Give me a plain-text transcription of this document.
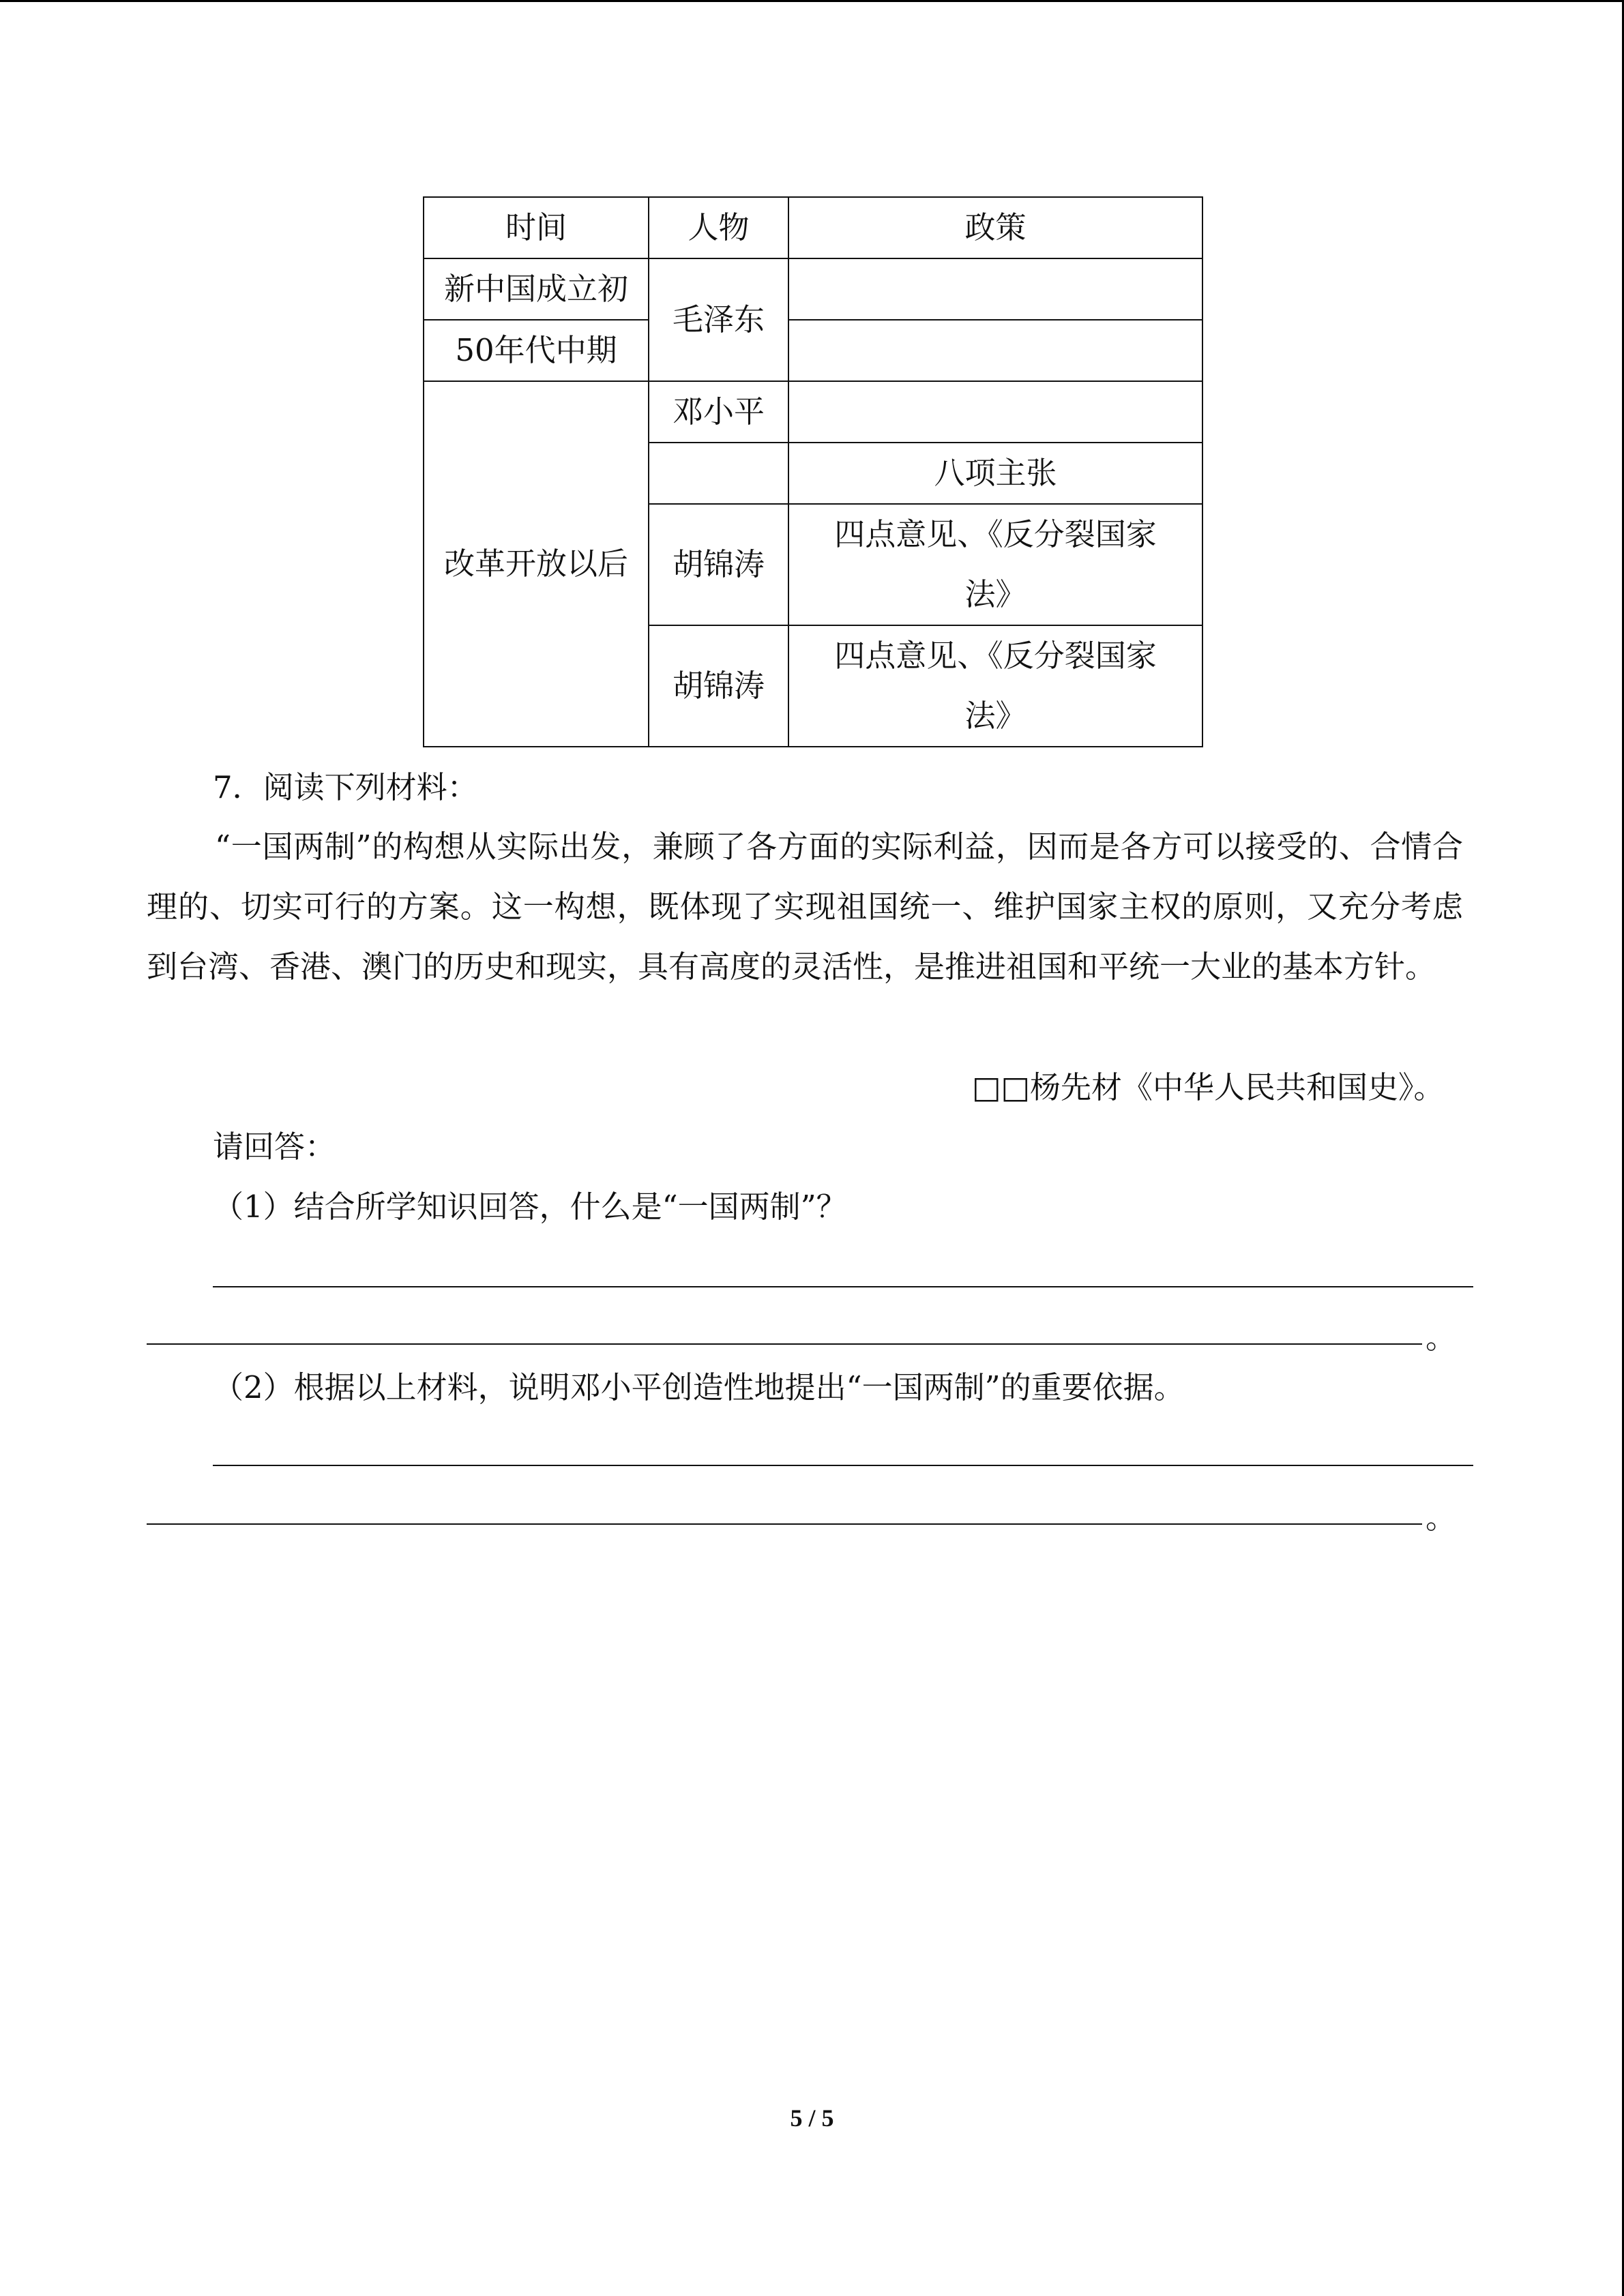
时间	人物	政策
新中国成立初	毛泽东	
50年代中期		
改革开放以后	邓小平	
		八项主张
	胡锦涛	四点意见、《反分裂国家法》
	胡锦涛	四点意见、《反分裂国家法》
7．阅读下列材料：
“一国两制”的构想从实际出发，兼顾了各方面的实际利益，因而是各方可以接受的、合情合理的、切实可行的方案。这一构想，既体现了实现祖国统一、维护国家主权的原则，又充分考虑到台湾、香港、澳门的历史和现实，具有高度的灵活性，是推进祖国和平统一大业的基本方针。
□□杨先材《中华人民共和国史》。
请回答：
（1）结合所学知识回答，什么是“一国两制”？
。
（2）根据以上材料，说明邓小平创造性地提出“一国两制”的重要依据。
。
5 / 5
